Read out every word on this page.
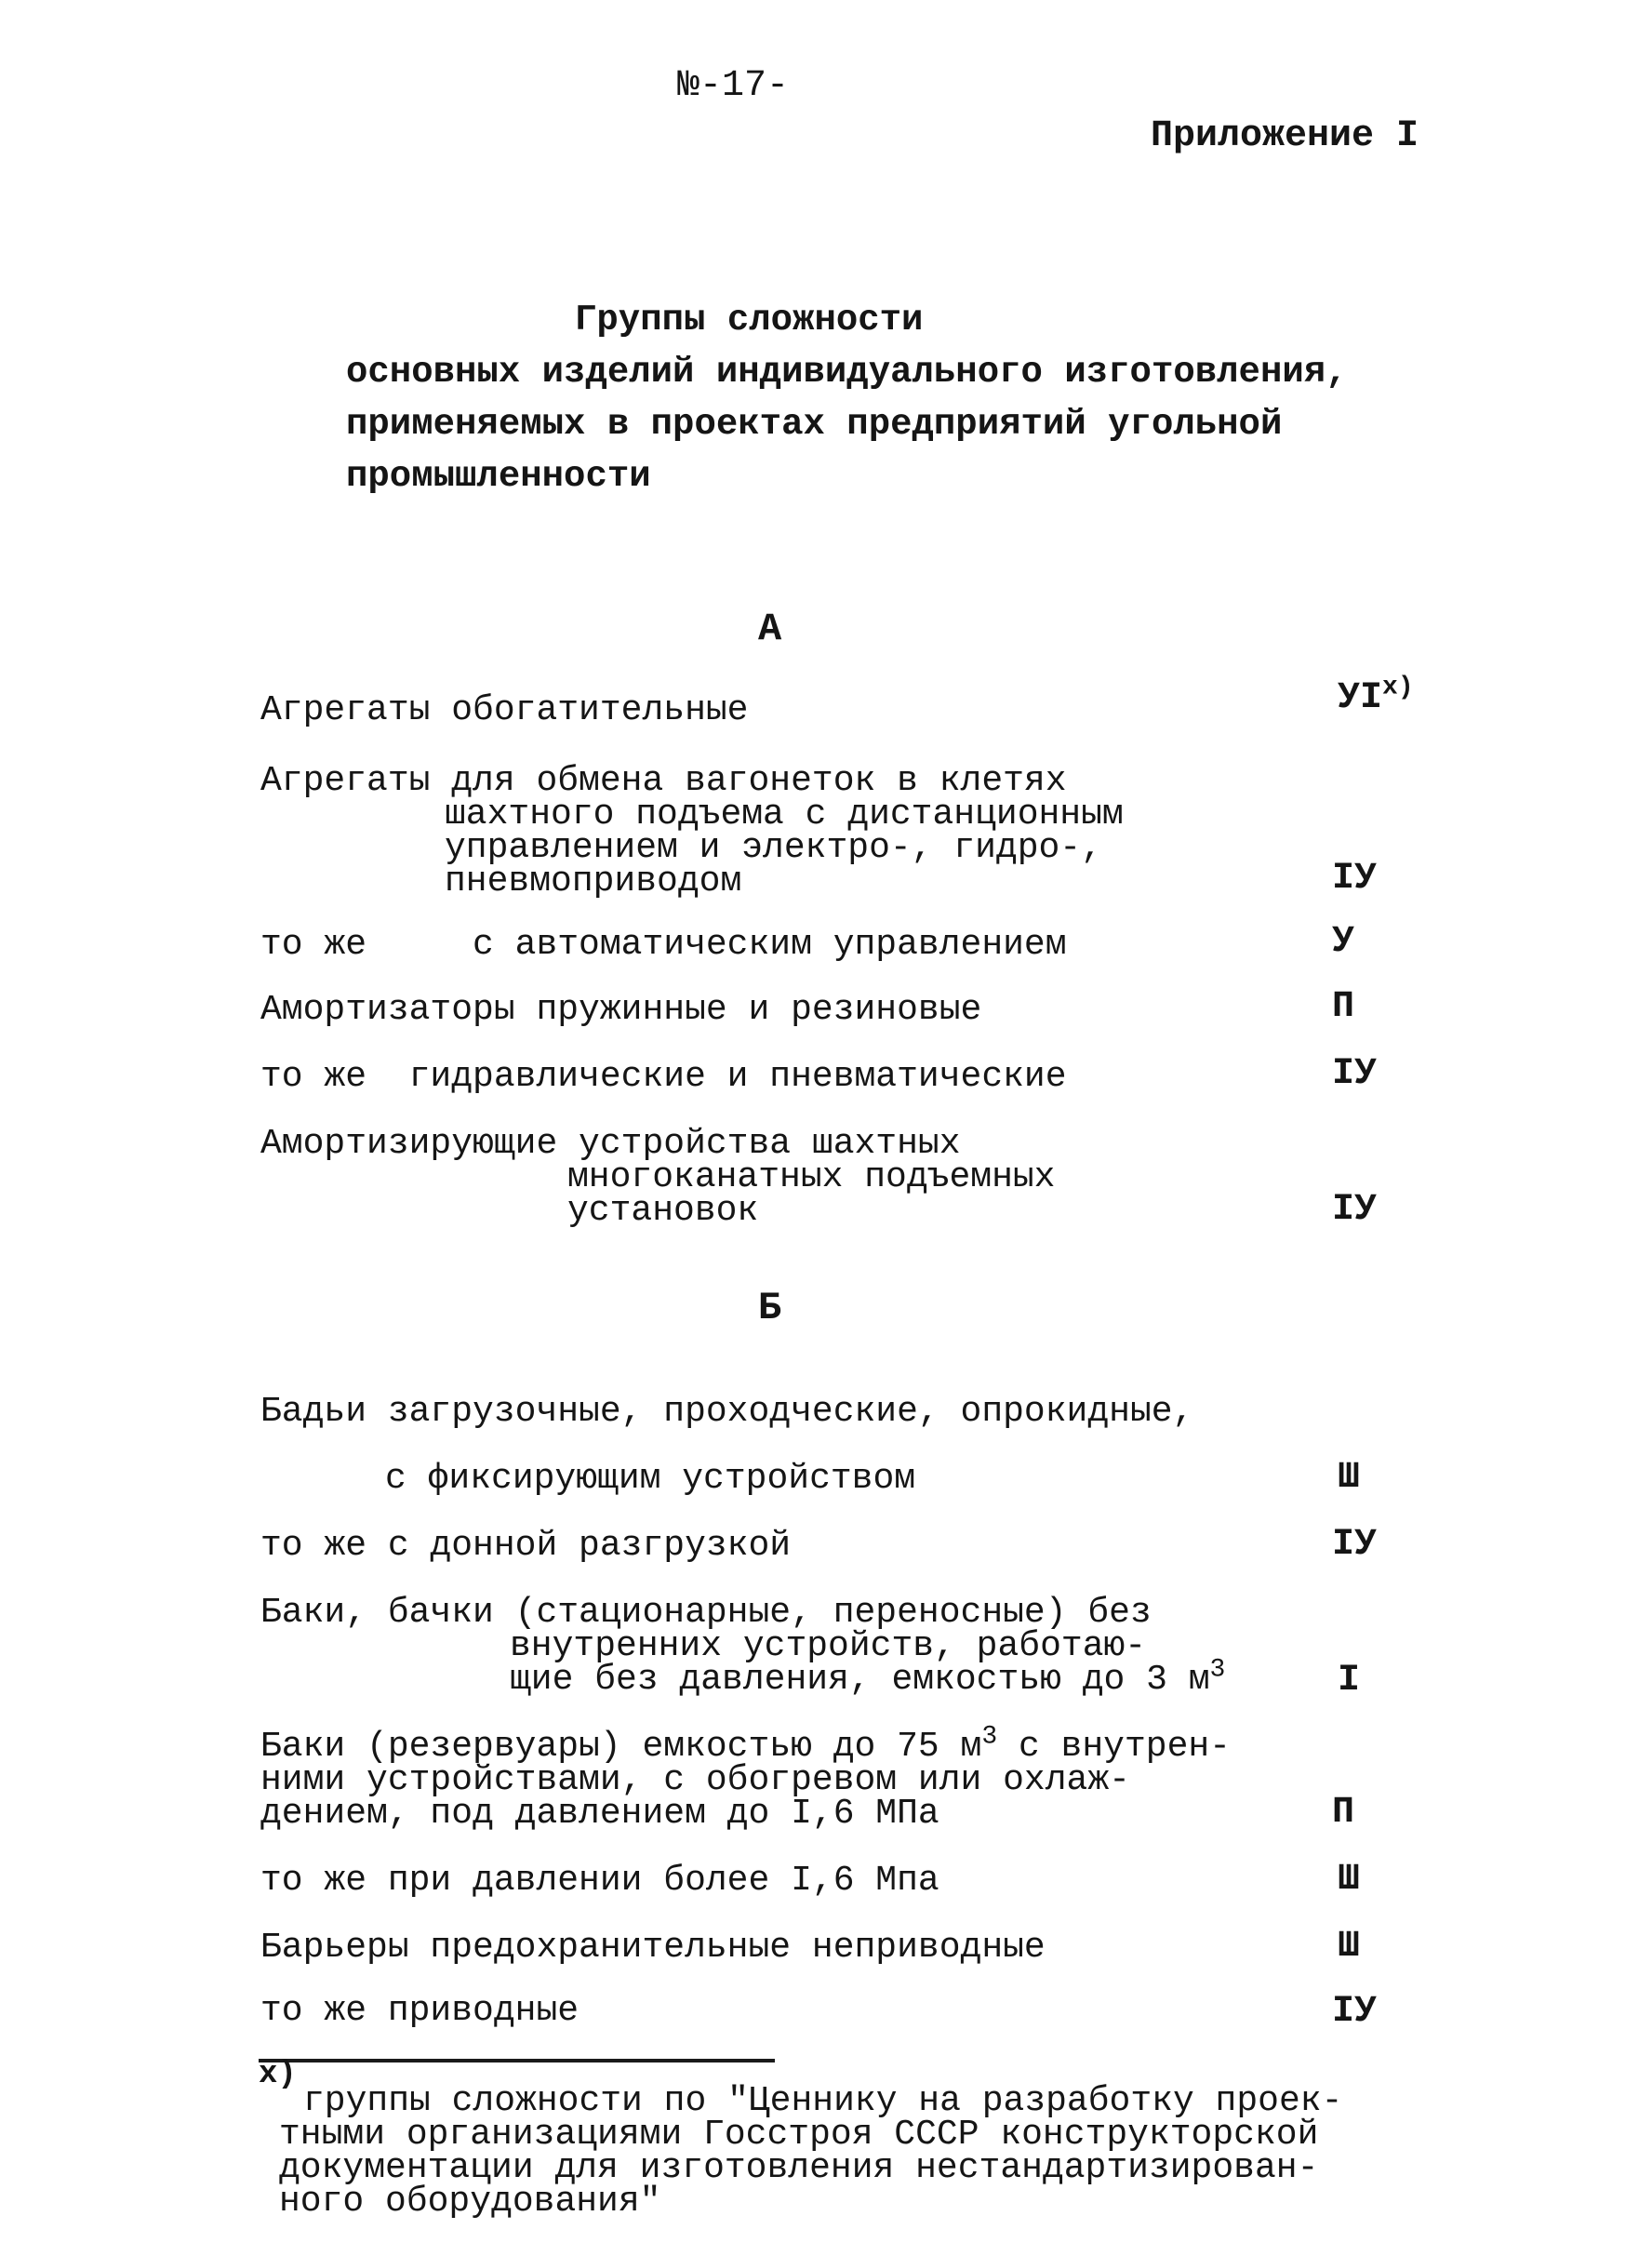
№-17-
Приложение I
Группы сложности
основных изделий индивидуального изготовления,
применяемых в проектах предприятий угольной
промышленности
А
Агрегаты обогатительные	$УI^{х)}$
Агрегаты для обмена вагонеток в клетях
шахтного подъема с дистанционным
управлением и электро-, гидро-,
пневмоприводом	IУ
то же     с автоматическим управлением	У
Амортизаторы пружинные и резиновые	П
то же  гидравлические и пневматические	IУ
Амортизирующие устройства шахтных
многоканатных подъемных
установок	IУ
Б
Бадьи загрузочные, проходческие, опрокидные,
с фиксирующим устройством	Ш
то же с донной разгрузкой	IУ
Баки, бачки (стационарные, переносные) без
внутренних устройств, работаю-
щие без давления, емкостью до 3 $м^3$	I
Баки (резервуары) емкостью до 75 $м^3$ с внутрен-
ними устройствами, с обогревом или охлаж-
дением, под давлением до I,6 МПа	П
то же при давлении более I,6 Мпа	Ш
Барьеры предохранительные неприводные	Ш
то же приводные	IУ
х)
группы сложности по "Ценнику на разработку проек-
тными организациями Госстроя СССР конструкторской
документации для изготовления нестандартизирован-
ного оборудования"
